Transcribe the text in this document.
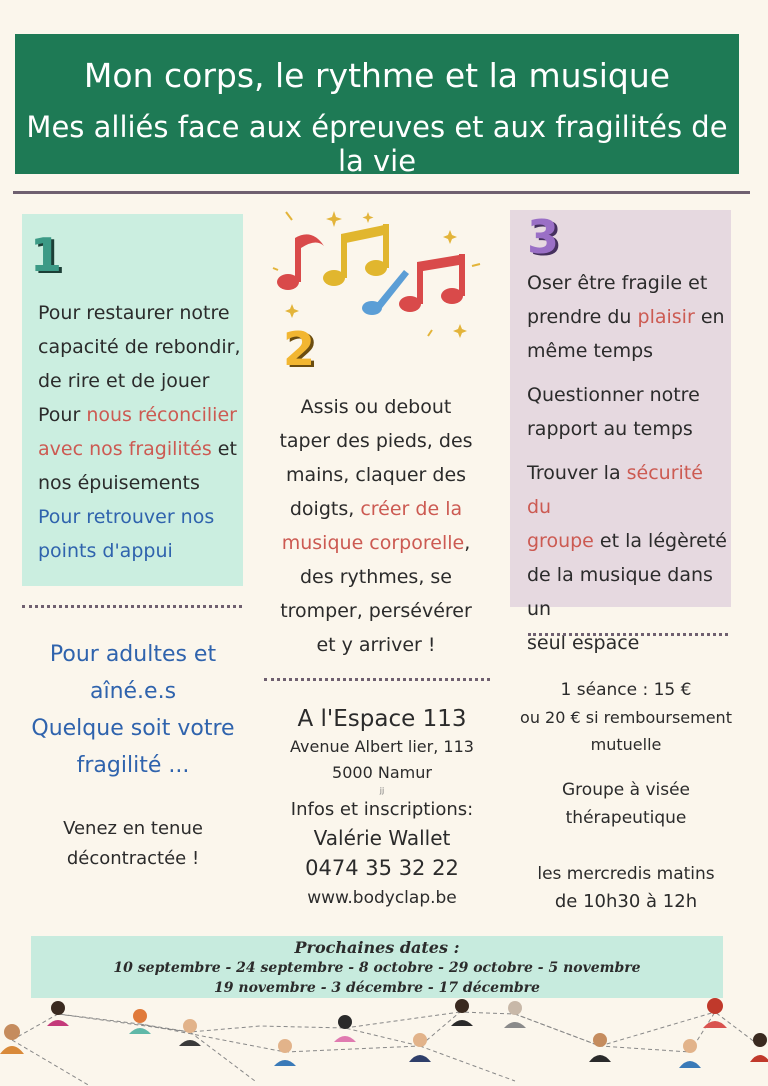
Mon corps, le rythme et la musique
Mes alliés face aux épreuves et aux fragilités de la vie
1
Pour restaurer notre
capacité de rebondir,
de rire et de jouer
Pour nous réconcilier
avec nos fragilités et
nos épuisements
Pour retrouver nos
points d'appui
Pour adultes et
aîné.e.s
Quelque soit votre
fragilité ...
Venez en tenue
décontractée !
2
Assis ou debout
taper des pieds, des
mains, claquer des
doigts, créer de la
musique corporelle,
des rythmes, se
tromper, persévérer
et y arriver !
A l'Espace 113
Avenue Albert lier, 113
5000 Namur
jj
Infos et inscriptions:
Valérie Wallet
0474 35 32 22
www.bodyclap.be
3
Oser être fragile et
prendre du plaisir en
même temps
Questionner notre
rapport au temps
Trouver la sécurité du
groupe et la légèreté
de la musique dans un
seul espace
1 séance : 15 €
ou 20 € si remboursement
mutuelle
Groupe à visée thérapeutique
les mercredis matins
de 10h30 à 12h
Prochaines dates :
10 septembre - 24 septembre - 8 octobre - 29 octobre - 5 novembre
19 novembre - 3 décembre - 17 décembre
